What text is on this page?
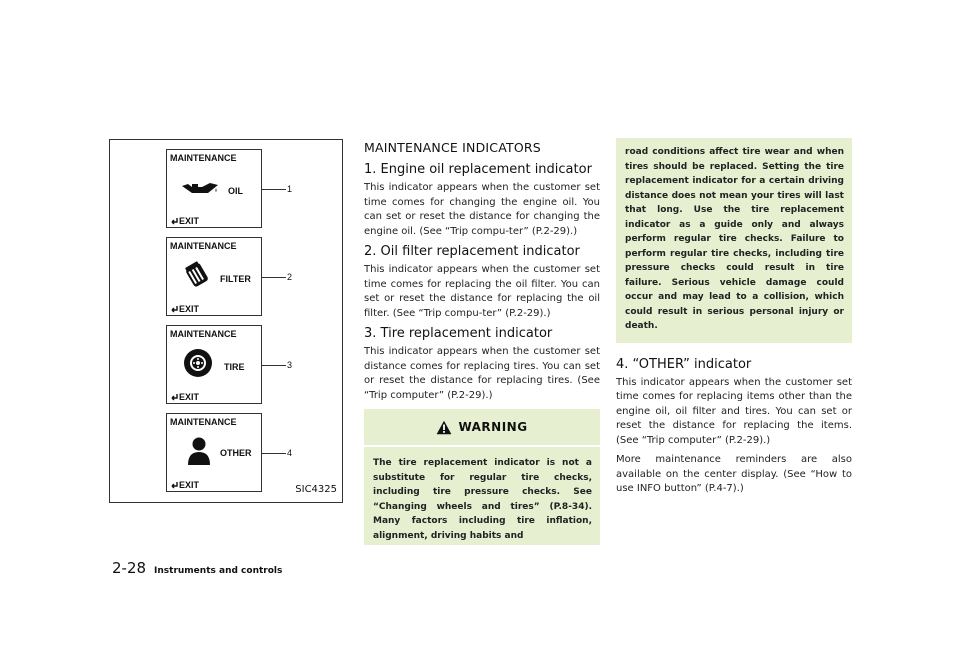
MAINTENANCE
OIL
EXIT
MAINTENANCE
FILTER
EXIT
MAINTENANCE
TIRE
EXIT
MAINTENANCE
OTHER
EXIT
1
2
3
4
SIC4325
2-28 Instruments and controls
MAINTENANCE INDICATORS
1. Engine oil replacement indicator

This indicator appears when the customer set time comes for changing the engine oil. You can set or reset the distance for changing the engine oil. (See “Trip compu-ter” (P.2-29).)

2. Oil filter replacement indicator

This indicator appears when the customer set time comes for replacing the oil filter. You can set or reset the distance for replacing the oil filter. (See “Trip compu-ter” (P.2-29).)

3. Tire replacement indicator

This indicator appears when the customer set distance comes for replacing tires. You can set or reset the distance for replacing tires. (See “Trip computer” (P.2-29).)

WARNING
The tire replacement indicator is not a substitute for regular tire checks, including tire pressure checks. See “Changing wheels and tires” (P.8-34). Many factors including tire inflation, alignment, driving habits and
road conditions affect tire wear and when tires should be replaced. Setting the tire replacement indicator for a certain driving distance does not mean your tires will last that long. Use the tire replacement indicator as a guide only and always perform regular tire checks. Failure to perform regular tire checks, including tire pressure checks could result in tire failure. Serious vehicle damage could occur and may lead to a collision, which could result in serious personal injury or death.
4. “OTHER” indicator

This indicator appears when the customer set time comes for replacing items other than the engine oil, oil filter and tires. You can set or reset the distance for replacing the items. (See “Trip computer” (P.2-29).)

More maintenance reminders are also available on the center display. (See “How to use INFO button” (P.4-7).)
